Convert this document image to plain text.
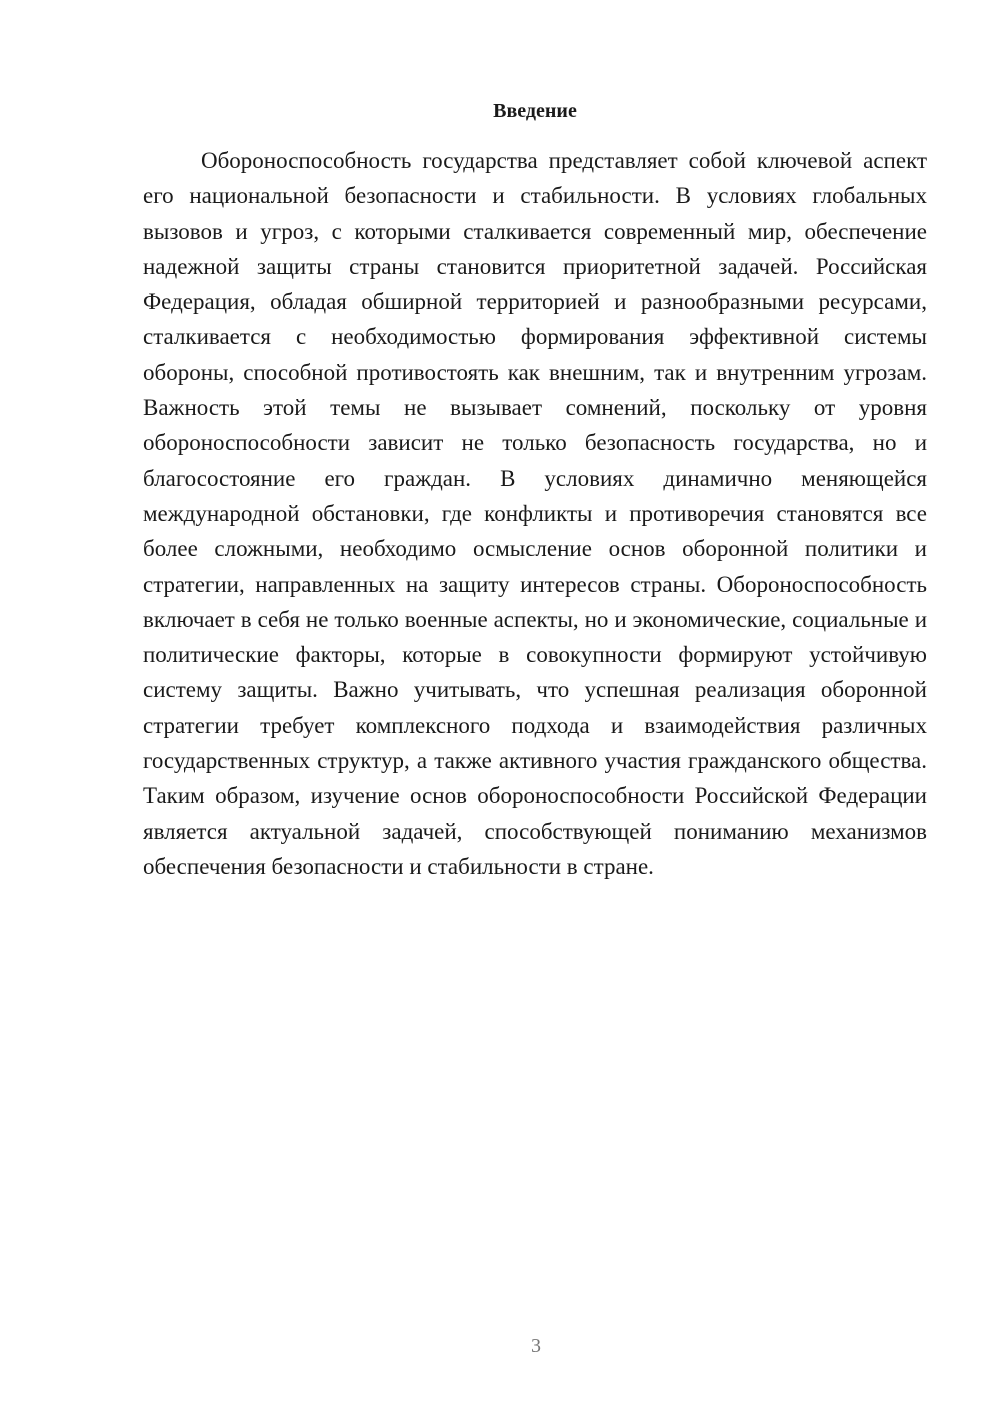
Введение

Обороноспособность государства представляет собой ключевой аспект его национальной безопасности и стабильности. В условиях глобальных вызовов и угроз, с которыми сталкивается современный мир, обеспечение надежной защиты страны становится приоритетной задачей. Российская Федерация, обладая обширной территорией и разнообразными ресурсами, сталкивается с необходимостью формирования эффективной системы обороны, способной противостоять как внешним, так и внутренним угрозам. Важность этой темы не вызывает сомнений, поскольку от уровня обороноспособности зависит не только безопасность государства, но и благосостояние его граждан. В условиях динамично меняющейся международной обстановки, где конфликты и противоречия становятся все более сложными, необходимо осмысление основ оборонной политики и стратегии, направленных на защиту интересов страны. Обороноспособность включает в себя не только военные аспекты, но и экономические, социальные и политические факторы, которые в совокупности формируют устойчивую систему защиты. Важно учитывать, что успешная реализация оборонной стратегии требует комплексного подхода и взаимодействия различных государственных структур, а также активного участия гражданского общества. Таким образом, изучение основ обороноспособности Российской Федерации является актуальной задачей, способствующей пониманию механизмов обеспечения безопасности и стабильности в стране.

3
